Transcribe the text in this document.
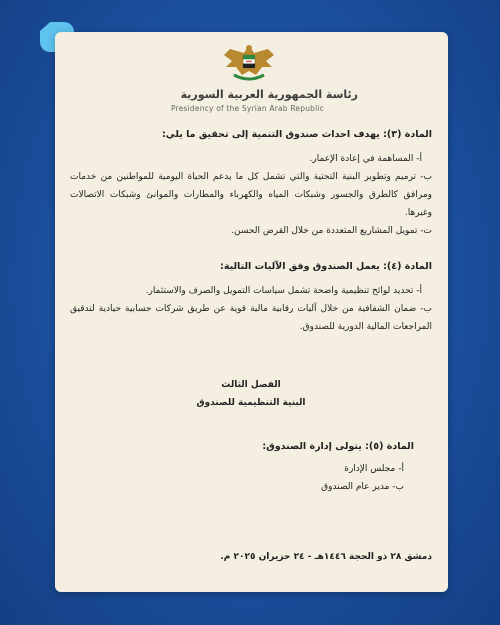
رئاسة الجمهورية العربية السورية
Presidency of the Syrian Arab Republic
المادة (٣): يهدف احداث صندوق التنمية إلى تحقيق ما يلي:
أ- المساهمة في إعادة الإعمار.
ب- ترميم وتطوير البنية التحتية والتي تشمل كل ما يدعم الحياة اليومية للمواطنين من خدمات ومرافق كالطرق والجسور وشبكات المياه والكهرباء والمطارات والموانئ وشبكات الاتصالات وغيرها.
ت- تمويل المشاريع المتعددة من خلال القرض الحسن.
المادة (٤): يعمل الصندوق وفق الآليات التالية:
أ- تحديد لوائح تنظيمية واضحة تشمل سياسات التمويل والصرف والاستثمار.
ب- ضمان الشفافية من خلال آليات رقابية مالية قوية عن طريق شركات حسابية حيادية لتدقيق المراجعات المالية الدورية للصندوق.
الفصل الثالث
البنية التنظيمية للصندوق
المادة (٥): يتولى إدارة الصندوق:
أ- مجلس الإدارة
ب- مدير عام الصندوق
دمشق ٢٨ ذو الحجة ١٤٤٦هـ - ٢٤ حزيران ٢٠٢٥ م.
